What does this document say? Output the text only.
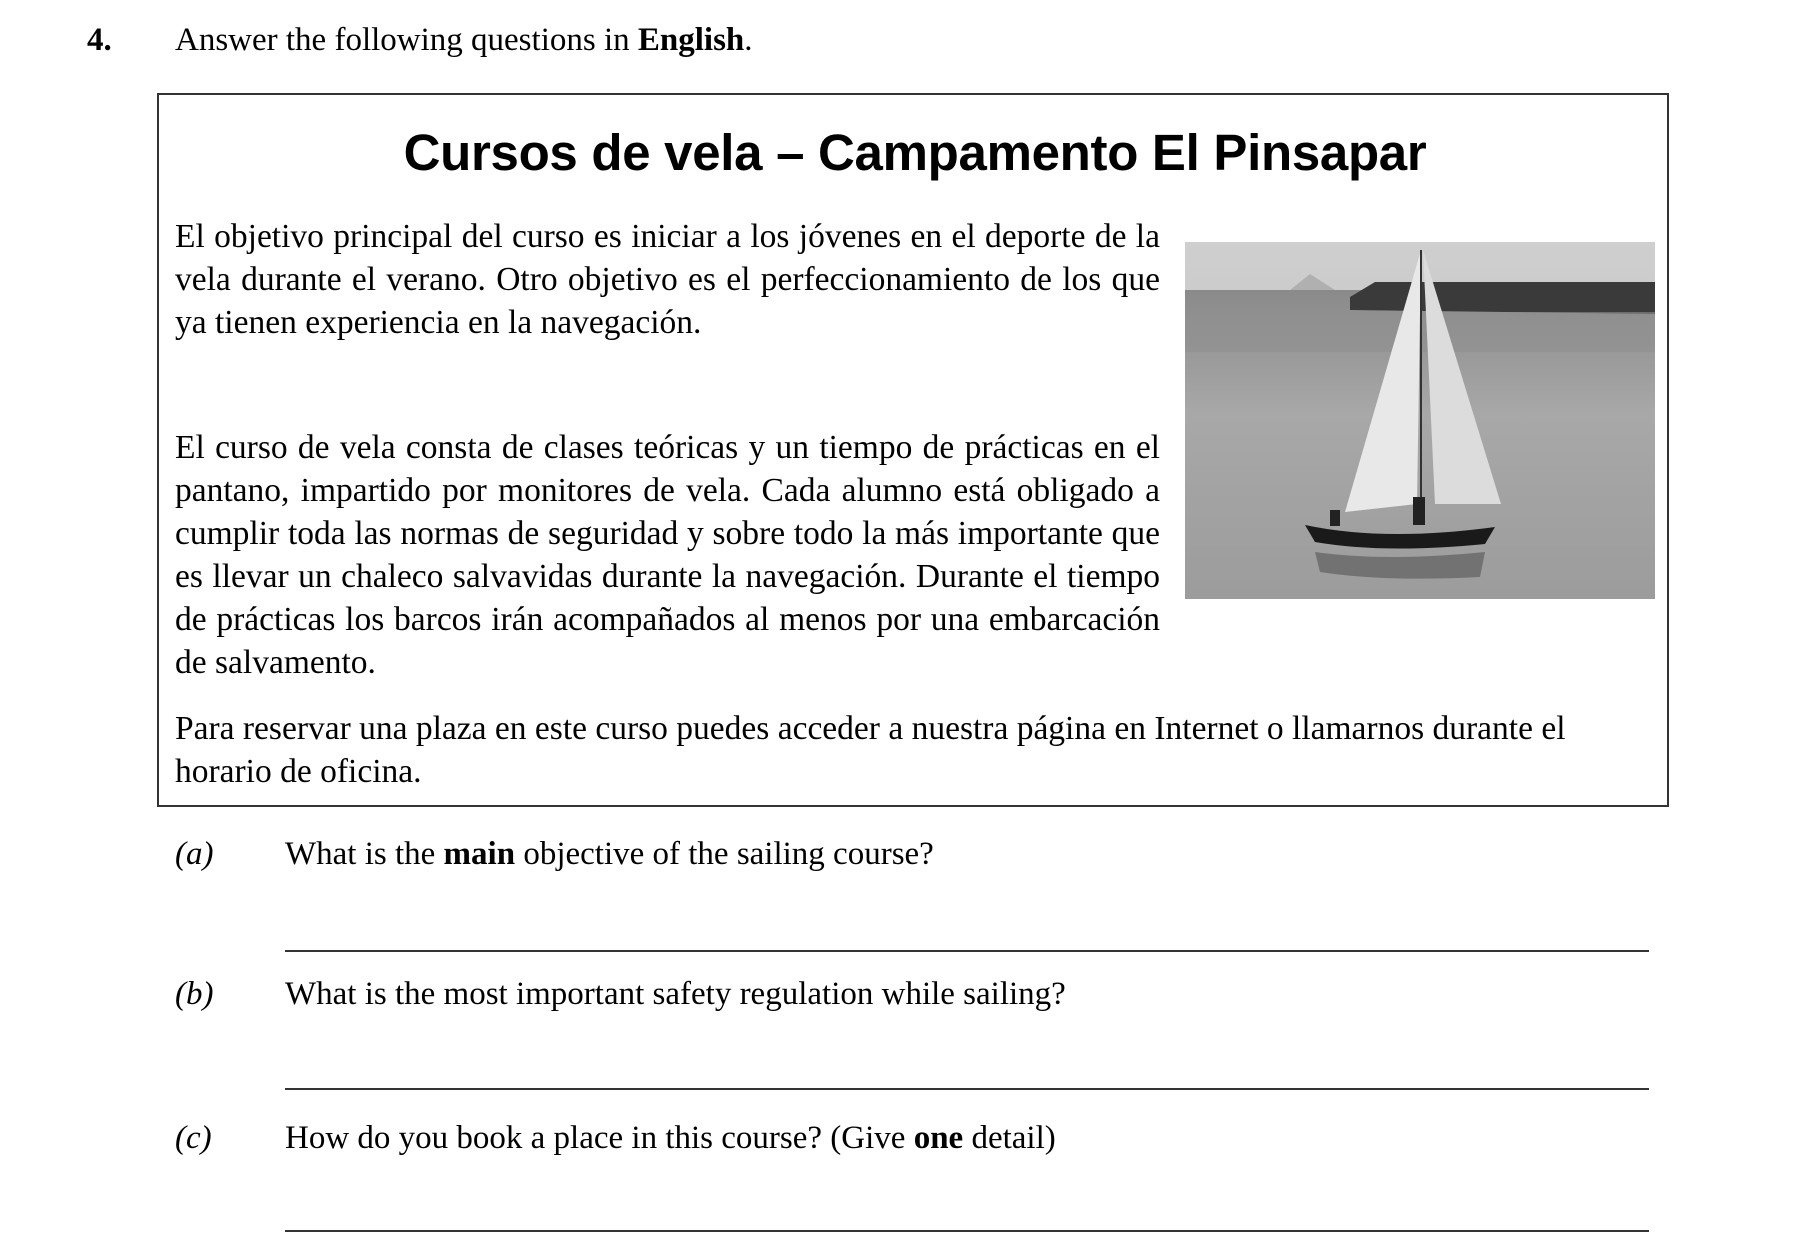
4. Answer the following questions in English.
Cursos de vela – Campamento El Pinsapar
El objetivo principal del curso es iniciar a los jóvenes en el deporte de la vela durante el verano. Otro objetivo es el perfeccionamiento de los que ya tienen experiencia en la navegación.
El curso de vela consta de clases teóricas y un tiempo de prácticas en el pantano, impartido por monitores de vela. Cada alumno está obligado a cumplir toda las normas de seguridad y sobre todo la más importante que es llevar un chaleco salvavidas durante la navegación. Durante el tiempo de prácticas los barcos irán acompañados al menos por una embarcación de salvamento.
Para reservar una plaza en este curso puedes acceder a nuestra página en Internet o llamarnos durante el horario de oficina.
(a) What is the main objective of the sailing course?
(b) What is the most important safety regulation while sailing?
(c) How do you book a place in this course? (Give one detail)
